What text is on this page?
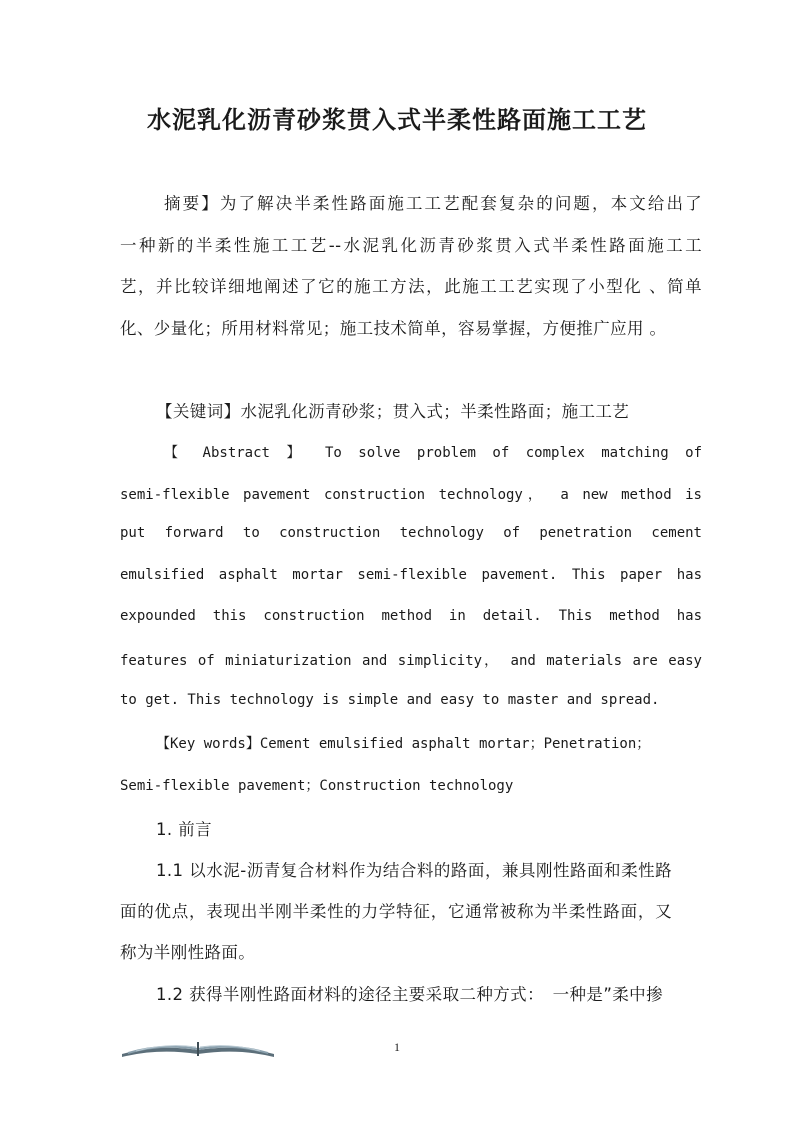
水泥乳化沥青砂浆贯入式半柔性路面施工工艺

摘要】为了解决半柔性路面施工工艺配套复杂的问题，本文给出了

一种新的半柔性施工工艺--水泥乳化沥青砂浆贯入式半柔性路面施工工

艺，并比较详细地阐述了它的施工方法，此施工工艺实现了小型化 、简单

化、少量化；所用材料常见；施工技术简单，容易掌握，方便推广应用 。

【关键词】水泥乳化沥青砂浆；贯入式；半柔性路面；施工工艺

【 Abstract 】 To solve problem of complex matching of

semi-flexible pavement construction technology， a new method is

put forward to construction technology of penetration cement

emulsified asphalt mortar semi-flexible pavement. This paper has

expounded this construction method in detail. This method has

features of miniaturization and simplicity， and materials are easy

to get. This technology is simple and easy to master and spread.

【Key words】Cement emulsified asphalt mortar；Penetration；

Semi-flexible pavement；Construction technology

1. 前言

1.1 以水泥-沥青复合材料作为结合料的路面，兼具刚性路面和柔性路

面的优点，表现出半刚半柔性的力学特征，它通常被称为半柔性路面，又

称为半刚性路面。

1.2 获得半刚性路面材料的途径主要采取二种方式：　一种是”柔中掺

1
